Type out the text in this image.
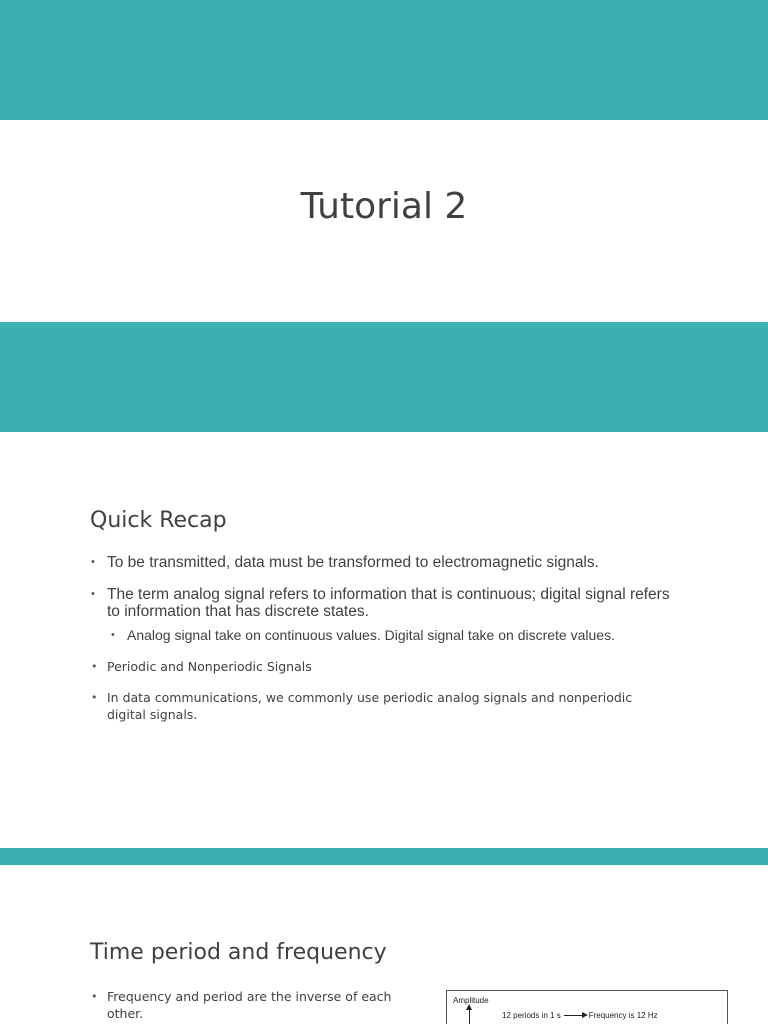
Tutorial 2
Quick Recap
• To be transmitted, data must be transformed to electromagnetic signals.
• The term analog signal refers to information that is continuous; digital signal refers to information that has discrete states.
• Analog signal take on continuous values. Digital signal take on discrete values.
• Periodic and Nonperiodic Signals
• In data communications, we commonly use periodic analog signals and nonperiodic digital signals.
Time period and frequency
• Frequency and period are the inverse of each other.
Amplitude
12 periods in 1 s	Frequency is 12 Hz
